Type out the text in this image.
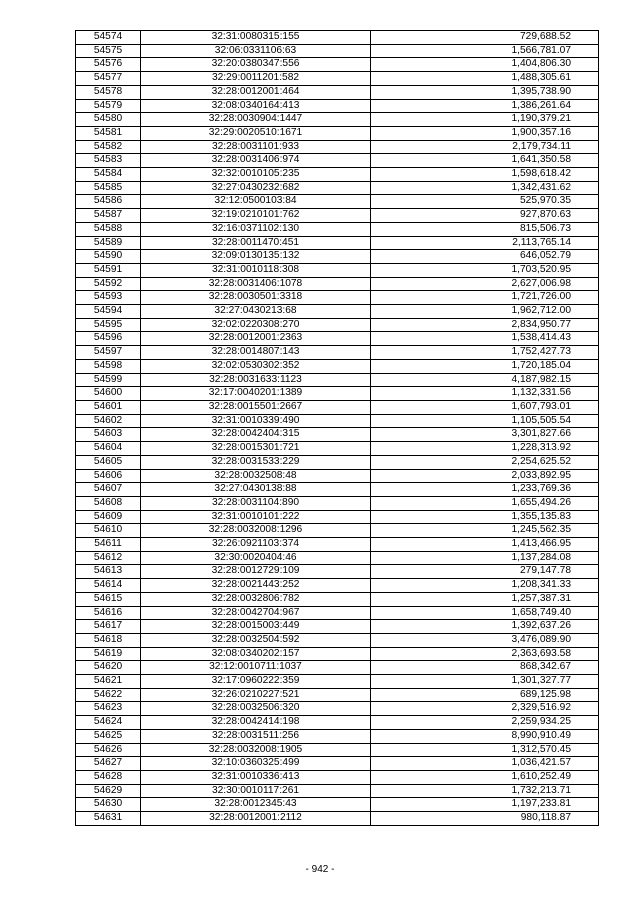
54574	32:31:0080315:155	729,688.52
54575	32:06:0331106:63	1,566,781.07
54576	32:20:0380347:556	1,404,806.30
54577	32:29:0011201:582	1,488,305.61
54578	32:28:0012001:464	1,395,738.90
54579	32:08:0340164:413	1,386,261.64
54580	32:28:0030904:1447	1,190,379.21
54581	32:29:0020510:1671	1,900,357.16
54582	32:28:0031101:933	2,179,734.11
54583	32:28:0031406:974	1,641,350.58
54584	32:32:0010105:235	1,598,618.42
54585	32:27:0430232:682	1,342,431.62
54586	32:12:0500103:84	525,970.35
54587	32:19:0210101:762	927,870.63
54588	32:16:0371102:130	815,506.73
54589	32:28:0011470:451	2,113,765.14
54590	32:09:0130135:132	646,052.79
54591	32:31:0010118:308	1,703,520.95
54592	32:28:0031406:1078	2,627,006.98
54593	32:28:0030501:3318	1,721,726.00
54594	32:27:0430213:68	1,962,712.00
54595	32:02:0220308:270	2,834,950.77
54596	32:28:0012001:2363	1,538,414.43
54597	32:28:0014807:143	1,752,427.73
54598	32:02:0530302:352	1,720,185.04
54599	32:28:0031633:1123	4,187,982.15
54600	32:17:0040201:1389	1,132,331.56
54601	32:28:0015501:2667	1,607,793.01
54602	32:31:0010339:490	1,105,505.54
54603	32:28:0042404:315	3,301,827.66
54604	32:28:0015301:721	1,228,313.92
54605	32:28:0031533:229	2,254,625.52
54606	32:28:0032508:48	2,033,892.95
54607	32:27:0430138:88	1,233,769.36
54608	32:28:0031104:890	1,655,494.26
54609	32:31:0010101:222	1,355,135.83
54610	32:28:0032008:1296	1,245,562.35
54611	32:26:0921103:374	1,413,466.95
54612	32:30:0020404:46	1,137,284.08
54613	32:28:0012729:109	279,147.78
54614	32:28:0021443:252	1,208,341.33
54615	32:28:0032806:782	1,257,387.31
54616	32:28:0042704:967	1,658,749.40
54617	32:28:0015003:449	1,392,637.26
54618	32:28:0032504:592	3,476,089.90
54619	32:08:0340202:157	2,363,693.58
54620	32:12:0010711:1037	868,342.67
54621	32:17:0960222:359	1,301,327.77
54622	32:26:0210227:521	689,125.98
54623	32:28:0032506:320	2,329,516.92
54624	32:28:0042414:198	2,259,934.25
54625	32:28:0031511:256	8,990,910.49
54626	32:28:0032008:1905	1,312,570.45
54627	32:10:0360325:499	1,036,421.57
54628	32:31:0010336:413	1,610,252.49
54629	32:30:0010117:261	1,732,213.71
54630	32:28:0012345:43	1,197,233.81
54631	32:28:0012001:2112	980,118.87
- 942 -
